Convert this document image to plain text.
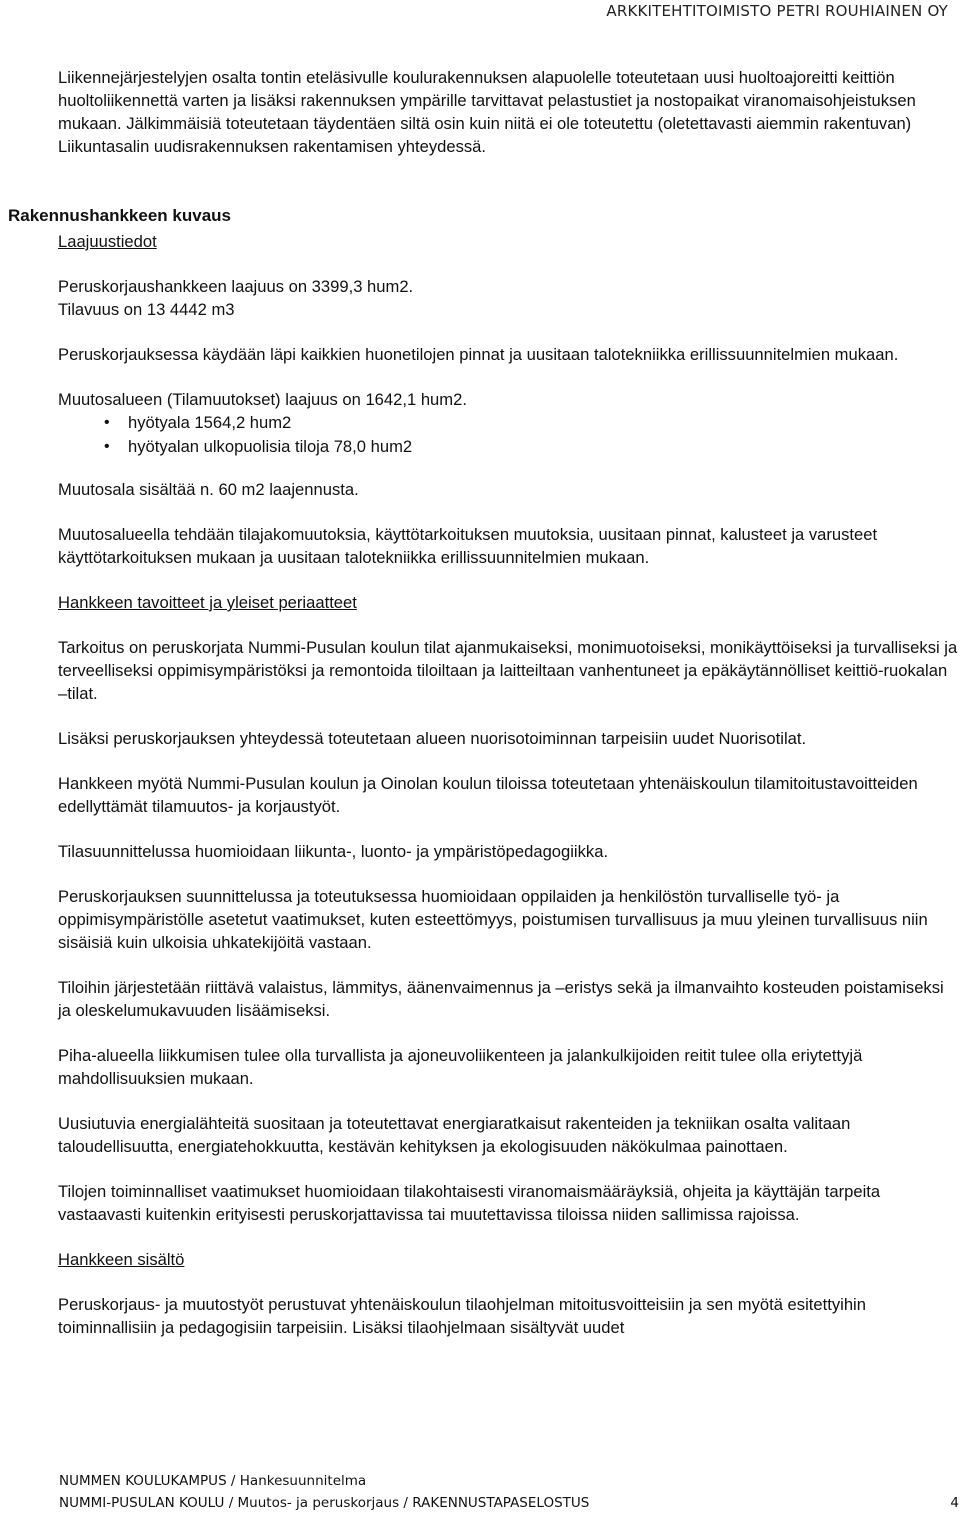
ARKKITEHTITOIMISTO PETRI ROUHIAINEN OY
Rakennushankkeen kuvaus

Liikennejärjestelyjen osalta tontin eteläsivulle koulurakennuksen alapuolelle toteutetaan uusi huoltoajoreitti keittiön huoltoliikennettä varten ja lisäksi rakennuksen ympärille tarvittavat pelastustiet ja nostopaikat viranomaisohjeistuksen mukaan. Jälkimmäisiä toteutetaan täydentäen siltä osin kuin niitä ei ole toteutettu (oletettavasti aiemmin rakentuvan) Liikuntasalin uudisrakennuksen rakentamisen yhteydessä.

Laajuustiedot

Peruskorjaushankkeen laajuus on 3399,3 hum2.

Tilavuus on 13 4442 m3

Peruskorjauksessa käydään läpi kaikkien huonetilojen pinnat ja uusitaan talotekniikka erillissuunnitelmien mukaan.

Muutosalueen (Tilamuutokset) laajuus on 1642,1 hum2.

• hyötyala 1564,2 hum2
• hyötyalan ulkopuolisia tiloja 78,0 hum2

Muutosala sisältää n. 60 m2 laajennusta.

Muutosalueella tehdään tilajakomuutoksia, käyttötarkoituksen muutoksia, uusitaan pinnat, kalusteet ja varusteet käyttötarkoituksen mukaan ja uusitaan talotekniikka erillissuunnitelmien mukaan.

Hankkeen tavoitteet ja yleiset periaatteet

Tarkoitus on peruskorjata Nummi-Pusulan koulun tilat ajanmukaiseksi, monimuotoiseksi, monikäyttöiseksi ja turvalliseksi ja terveelliseksi oppimisympäristöksi ja remontoida tiloiltaan ja laitteiltaan vanhentuneet ja epäkäytännölliset keittiö-ruokalan –tilat.

Lisäksi peruskorjauksen yhteydessä toteutetaan alueen nuorisotoiminnan tarpeisiin uudet Nuorisotilat.

Hankkeen myötä Nummi-Pusulan koulun ja Oinolan koulun tiloissa toteutetaan yhtenäiskoulun tilamitoitustavoitteiden edellyttämät tilamuutos- ja korjaustyöt.

Tilasuunnittelussa huomioidaan liikunta-, luonto- ja ympäristöpedagogiikka.

Peruskorjauksen suunnittelussa ja toteutuksessa huomioidaan oppilaiden ja henkilöstön turvalliselle työ- ja oppimisympäristölle asetetut vaatimukset, kuten esteettömyys, poistumisen turvallisuus ja muu yleinen turvallisuus niin sisäisiä kuin ulkoisia uhkatekijöitä vastaan.

Tiloihin järjestetään riittävä valaistus, lämmitys, äänenvaimennus ja –eristys sekä ja ilmanvaihto kosteuden poistamiseksi ja oleskelumukavuuden lisäämiseksi.

Piha-alueella liikkumisen tulee olla turvallista ja ajoneuvoliikenteen ja jalankulkijoiden reitit tulee olla eriytettyjä mahdollisuuksien mukaan.

Uusiutuvia energialähteitä suositaan ja toteutettavat energiaratkaisut rakenteiden ja tekniikan osalta valitaan taloudellisuutta, energiatehokkuutta, kestävän kehityksen ja ekologisuuden näkökulmaa painottaen.

Tilojen toiminnalliset vaatimukset huomioidaan tilakohtaisesti viranomaismääräyksiä, ohjeita ja käyttäjän tarpeita vastaavasti kuitenkin erityisesti peruskorjattavissa tai muutettavissa tiloissa niiden sallimissa rajoissa.

Hankkeen sisältö

Peruskorjaus- ja muutostyöt perustuvat yhtenäiskoulun tilaohjelman mitoitusvoitteisiin ja sen myötä esitettyihin toiminnallisiin ja pedagogisiin tarpeisiin. Lisäksi tilaohjelmaan sisältyvät uudet

NUMMEN KOULUKAMPUS / Hankesuunnitelma
NUMMI-PUSULAN KOULU / Muutos- ja peruskorjaus / RAKENNUSTAPASELOSTUS	4
